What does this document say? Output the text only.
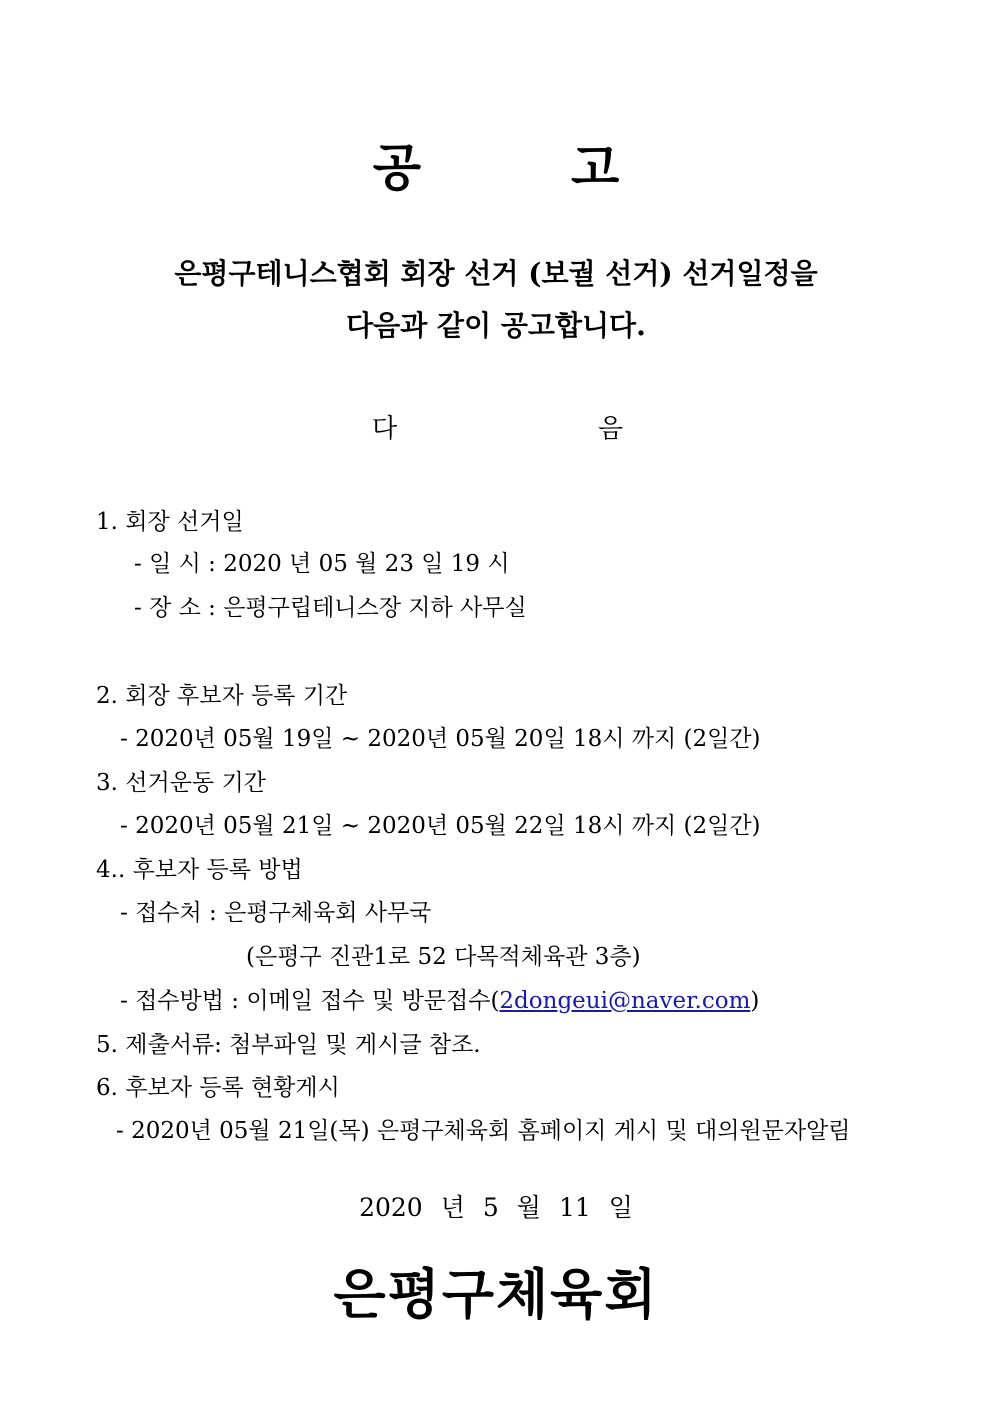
공	고
은평구테니스협회 회장 선거 (보궐 선거) 선거일정을
다음과 같이 공고합니다.
다	음
1. 회장 선거일
- 일 시 : 2020 년 05 월 23 일 19 시
- 장 소 : 은평구립테니스장 지하 사무실
2. 회장 후보자 등록 기간
- 2020년 05월 19일 ~ 2020년 05월 20일 18시 까지 (2일간)
3. 선거운동 기간
- 2020년 05월 21일 ~ 2020년 05월 22일 18시 까지 (2일간)
4.. 후보자 등록 방법
- 접수처 : 은평구체육회 사무국
(은평구 진관1로 52 다목적체육관 3층)
- 접수방법 : 이메일 접수 및 방문접수(2dongeui@naver.com)
5. 제출서류: 첨부파일 및 게시글 참조.
6. 후보자 등록 현황게시
- 2020년 05월 21일(목) 은평구체육회 홈페이지 게시 및 대의원문자알림
2020 년 5 월 11 일
은평구체육회
